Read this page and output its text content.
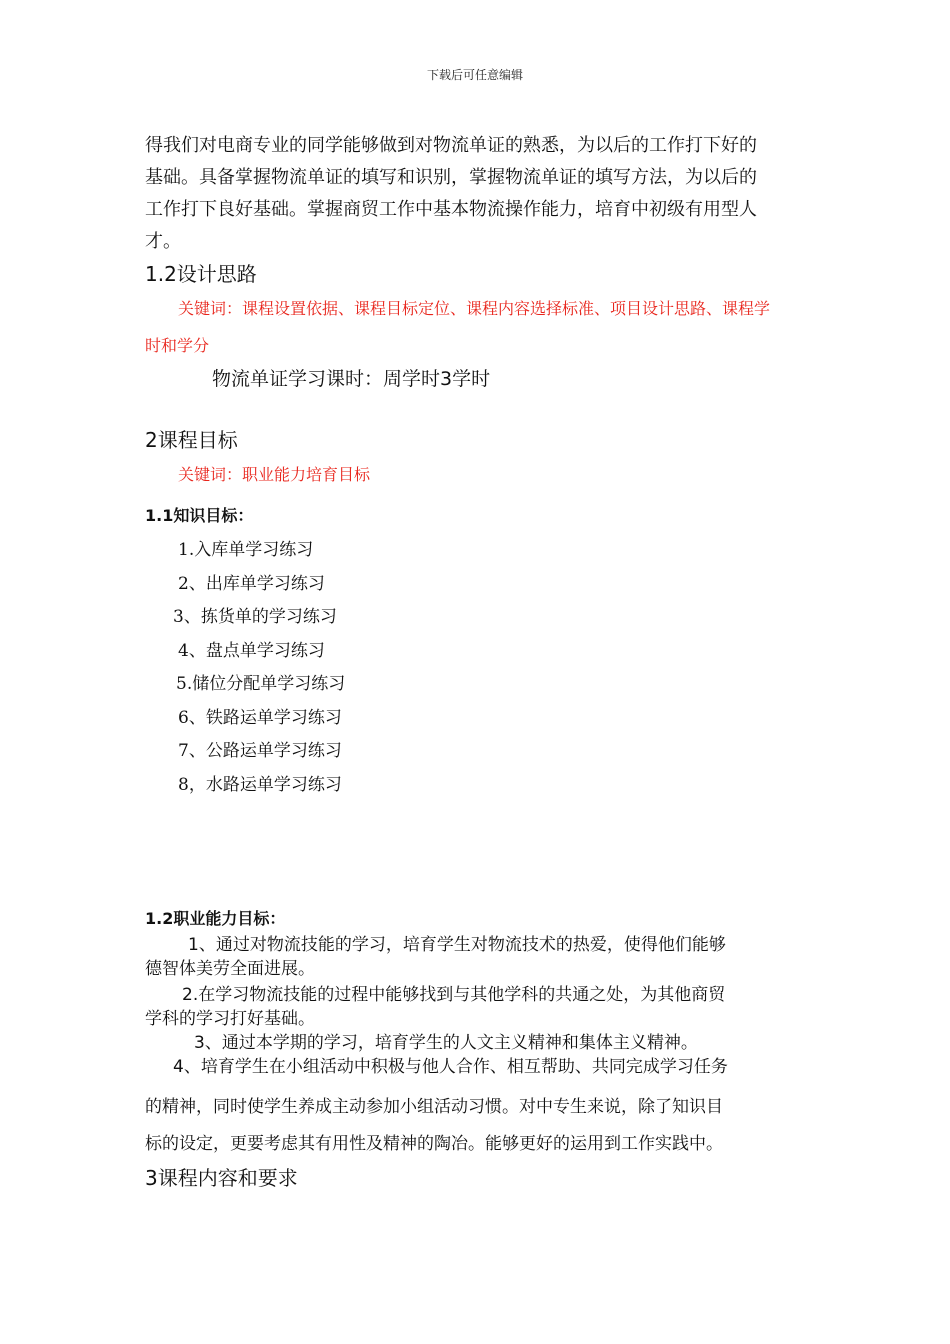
下载后可任意编辑
得我们对电商专业的同学能够做到对物流单证的熟悉，为以后的工作打下好的
基础。具备掌握物流单证的填写和识别，掌握物流单证的填写方法，为以后的
工作打下良好基础。掌握商贸工作中基本物流操作能力，培育中初级有用型人
才。
1.2设计思路
关键词：课程设置依据、课程目标定位、课程内容选择标准、项目设计思路、课程学
时和学分
物流单证学习课时：周学时3学时
2课程目标
关键词：职业能力培育目标
1.1知识目标：
1.入库单学习练习
2、出库单学习练习
3、拣货单的学习练习
4、盘点单学习练习
5.储位分配单学习练习
6、铁路运单学习练习
7、公路运单学习练习
8，水路运单学习练习
1.2职业能力目标：
1、通过对物流技能的学习，培育学生对物流技术的热爱，使得他们能够
德智体美劳全面进展。
2.在学习物流技能的过程中能够找到与其他学科的共通之处，为其他商贸
学科的学习打好基础。
3、通过本学期的学习，培育学生的人文主义精神和集体主义精神。
4、培育学生在小组活动中积极与他人合作、相互帮助、共同完成学习任务
的精神，同时使学生养成主动参加小组活动习惯。对中专生来说，除了知识目
标的设定，更要考虑其有用性及精神的陶冶。能够更好的运用到工作实践中。
3课程内容和要求
